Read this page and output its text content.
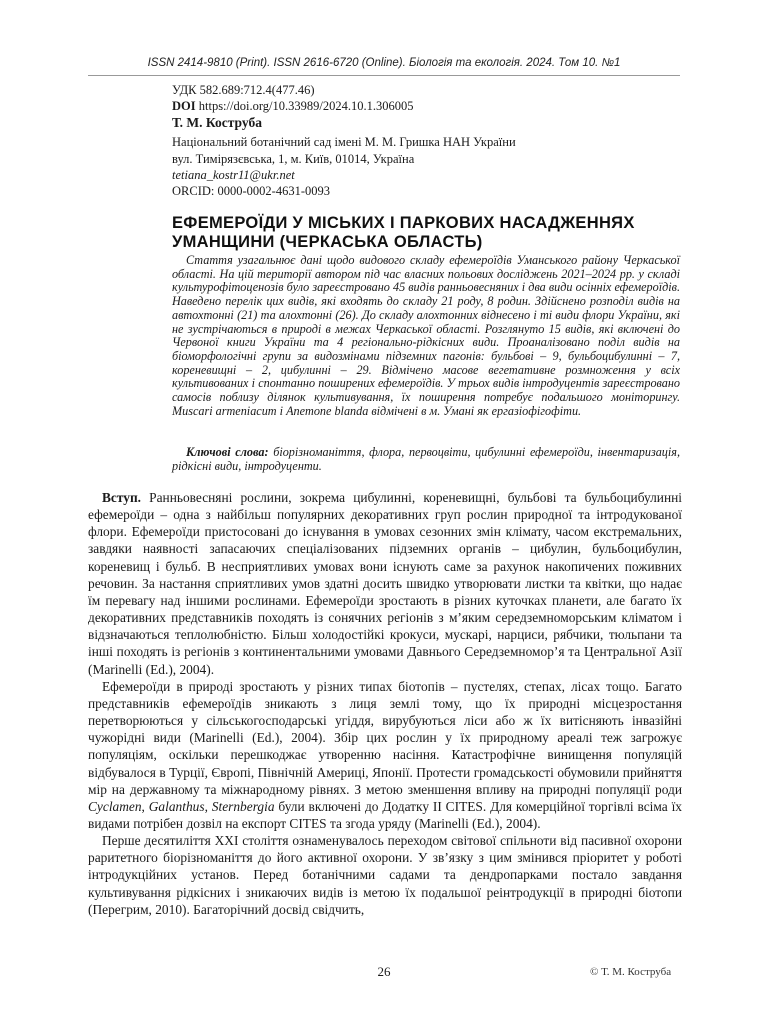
ISSN 2414-9810 (Print). ISSN 2616-6720 (Online). Біологія та екологія. 2024. Том 10. №1
УДК 582.689:712.4(477.46)
DOI https://doi.org/10.33989/2024.10.1.306005
Т. М. Коструба
Національний ботанічний сад імені М. М. Гришка НАН України
вул. Тимірязєвська, 1, м. Київ, 01014, Україна
tetiana_kostr11@ukr.net
ORCID: 0000-0002-4631-0093
ЕФЕМЕРОЇДИ У МІСЬКИХ І ПАРКОВИХ НАСАДЖЕННЯХ УМАНЩИНИ (ЧЕРКАСЬКА ОБЛАСТЬ)

Стаття узагальнює дані щодо видового складу ефемероїдів Уманського району Черкаської області. На цій території автором під час власних польових досліджень 2021–2024 рр. у складі культурофітоценозів було зареєстровано 45 видів ранньовесняних і два види осінніх ефемероїдів. Наведено перелік цих видів, які входять до складу 21 роду, 8 родин. Здійснено розподіл видів на автохтонні (21) та алохтонні (26). До складу алохтонних віднесено і ті види флори України, які не зустрічаються в природі в межах Черкаської області. Розглянуто 15 видів, які включені до Червоної книги України та 4 регіонально-рідкісних види. Проаналізовано поділ видів на біоморфологічні групи за видозмінами підземних пагонів: бульбові – 9, бульбоцибулинні – 7, кореневищні – 2, цибулинні – 29. Відмічено масове вегетативне розмноження у всіх культивованих і спонтанно поширених ефемероїдів. У трьох видів інтродуцентів зареєстровано самосів поблизу ділянок культивування, їх поширення потребує подальшого моніторингу. Muscari armeniacum і Anemone blanda відмічені в м. Умані як ергазіофігофіти.

Ключові слова: біорізноманіття, флора, первоцвіти, цибулинні ефемероїди, інвентаризація, рідкісні види, інтродуценти.

Вступ. Ранньовесняні рослини, зокрема цибулинні, кореневищні, бульбові та бульбоцибулинні ефемероїди – одна з найбільш популярних декоративних груп рослин природної та інтродукованої флори. Ефемероїди пристосовані до існування в умовах сезонних змін клімату, часом екстремальних, завдяки наявності запасаючих спеціалізованих підземних органів – цибулин, бульбоцибулин, кореневищ і бульб. В несприятливих умовах вони існують саме за рахунок накопичених поживних речовин. За настання сприятливих умов здатні досить швидко утворювати листки та квітки, що надає їм перевагу над іншими рослинами. Ефемероїди зростають в різних куточках планети, але багато їх декоративних представників походять із сонячних регіонів з м’яким середземноморським кліматом і відзначаються теплолюбністю. Більш холодостійкі крокуси, мускарі, нарциси, рябчики, тюльпани та інші походять із регіонів з континентальними умовами Давнього Середземномор’я та Центральної Азії (Marinelli (Ed.), 2004).

Ефемероїди в природі зростають у різних типах біотопів – пустелях, степах, лісах тощо. Багато представників ефемероїдів зникають з лиця землі тому, що їх природні місцезростання перетворюються у сільськогосподарські угіддя, вирубуються ліси або ж їх витісняють інвазійні чужорідні види (Marinelli (Ed.), 2004). Збір цих рослин у їх природному ареалі теж загрожує популяціям, оскільки перешкоджає утворенню насіння. Катастрофічне винищення популяцій відбувалося в Турції, Європі, Північній Америці, Японії. Протести громадськості обумовили прийняття мір на державному та міжнародному рівнях. З метою зменшення впливу на природні популяції роди Cyclamen, Galanthus, Sternbergia були включені до Додатку II CITES. Для комерційної торгівлі всіма їх видами потрібен дозвіл на експорт CITES та згода уряду (Marinelli (Ed.), 2004).

Перше десятиліття ХХІ століття ознаменувалось переходом світової спільноти від пасивної охорони раритетного біорізноманіття до його активної охорони. У зв’язку з цим змінився пріоритет у роботі інтродукційних установ. Перед ботанічними садами та дендропарками постало завдання культивування рідкісних і зникаючих видів із метою їх подальшої реінтродукції в природні біотопи (Перегрим, 2010). Багаторічний досвід свідчить,

26	© Т. М. Коструба
